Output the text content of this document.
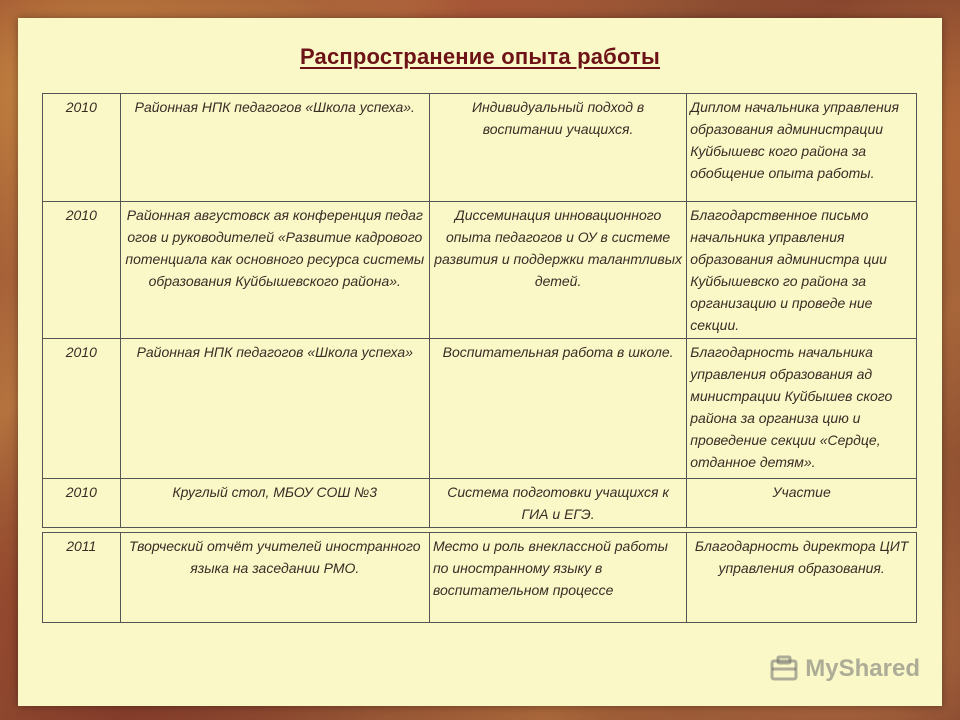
Распространение опыта работы
2010	Районная НПК педагогов «Школа успеха».	Индивидуальный подход в воспитании учащихся.	Диплом начальника управления образования администрации Куйбышевс кого района за обобщение опыта работы.
2010	Районная августовск ая конференция педаг огов и руководителей «Развитие кадрового потенциала как основного ресурса системы образования Куйбышевского района».	Диссеминация инновационного опыта педагогов и ОУ в системе развития и поддержки талантливых детей.	Благодарственное письмо начальника управления образования администра ции Куйбышевско го района за организацию и проведе ние секции.
2010	Районная НПК педагогов «Школа успеха»	Воспитательная работа в школе.	Благодарность начальника управления образования ад министрации Куйбышев ского района за организа цию и проведение секции «Сердце, отданное детям».
2010	Круглый стол, МБОУ СОШ №3	Система подготовки учащихся к ГИА и ЕГЭ.	Участие
2011	Творческий отчёт учителей иностранного языка на заседании РМО.	Место и роль внеклассной работы по иностранному языку в воспитательном процессе	Благодарность директора ЦИТ управления образования.
MyShared
